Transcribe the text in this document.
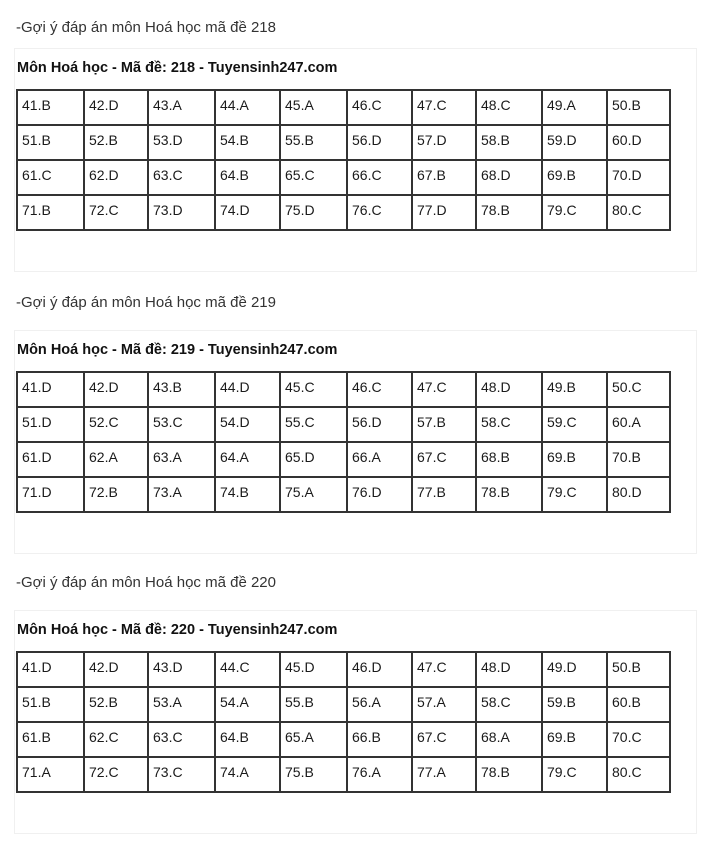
-Gợi ý đáp án môn Hoá học mã đề 218
Môn Hoá học - Mã đề: 218 - Tuyensinh247.com
41.B	42.D	43.A	44.A	45.A	46.C	47.C	48.C	49.A	50.B
51.B	52.B	53.D	54.B	55.B	56.D	57.D	58.B	59.D	60.D
61.C	62.D	63.C	64.B	65.C	66.C	67.B	68.D	69.B	70.D
71.B	72.C	73.D	74.D	75.D	76.C	77.D	78.B	79.C	80.C
-Gợi ý đáp án môn Hoá học mã đề 219
Môn Hoá học - Mã đề: 219 - Tuyensinh247.com
41.D	42.D	43.B	44.D	45.C	46.C	47.C	48.D	49.B	50.C
51.D	52.C	53.C	54.D	55.C	56.D	57.B	58.C	59.C	60.A
61.D	62.A	63.A	64.A	65.D	66.A	67.C	68.B	69.B	70.B
71.D	72.B	73.A	74.B	75.A	76.D	77.B	78.B	79.C	80.D
-Gợi ý đáp án môn Hoá học mã đề 220
Môn Hoá học - Mã đề: 220 - Tuyensinh247.com
41.D	42.D	43.D	44.C	45.D	46.D	47.C	48.D	49.D	50.B
51.B	52.B	53.A	54.A	55.B	56.A	57.A	58.C	59.B	60.B
61.B	62.C	63.C	64.B	65.A	66.B	67.C	68.A	69.B	70.C
71.A	72.C	73.C	74.A	75.B	76.A	77.A	78.B	79.C	80.C
